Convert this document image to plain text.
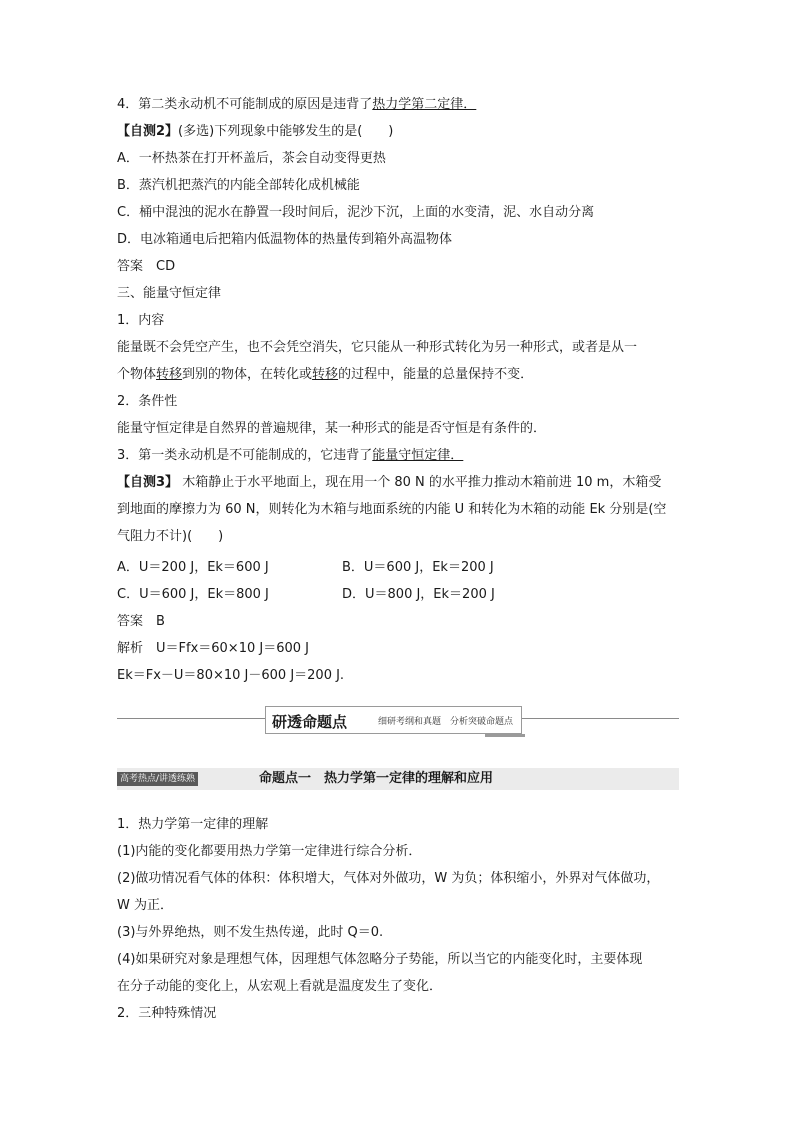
4．第二类永动机不可能制成的原因是违背了热力学第二定律．
【自测2】(多选)下列现象中能够发生的是(　　)
A．一杯热茶在打开杯盖后，茶会自动变得更热
B．蒸汽机把蒸汽的内能全部转化成机械能
C．桶中混浊的泥水在静置一段时间后，泥沙下沉，上面的水变清，泥、水自动分离
D．电冰箱通电后把箱内低温物体的热量传到箱外高温物体
答案　CD
三、能量守恒定律
1．内容
能量既不会凭空产生，也不会凭空消失，它只能从一种形式转化为另一种形式，或者是从一
个物体转移到别的物体，在转化或转移的过程中，能量的总量保持不变．
2．条件性
能量守恒定律是自然界的普遍规律，某一种形式的能是否守恒是有条件的．
3．第一类永动机是不可能制成的，它违背了能量守恒定律．
【自测3】 木箱静止于水平地面上，现在用一个 80 N 的水平推力推动木箱前进 10 m，木箱受
到地面的摩擦力为 60 N，则转化为木箱与地面系统的内能 U 和转化为木箱的动能 Ek 分别是(空
气阻力不计)(　　)
A．U＝200 J，Ek＝600 J	B．U＝600 J，Ek＝200 J
C．U＝600 J，Ek＝800 J	D．U＝800 J，Ek＝200 J
答案　B
解析　U＝Ffx＝60×10 J＝600 J
Ek＝Fx－U＝80×10 J－600 J＝200 J.
研透命题点	细研考纲和真题　分析突破命题点
高考热点/讲透练熟	命题点一　热力学第一定律的理解和应用
1．热力学第一定律的理解
(1)内能的变化都要用热力学第一定律进行综合分析．
(2)做功情况看气体的体积：体积增大，气体对外做功，W 为负；体积缩小，外界对气体做功，
W 为正．
(3)与外界绝热，则不发生热传递，此时 Q＝0.
(4)如果研究对象是理想气体，因理想气体忽略分子势能，所以当它的内能变化时，主要体现
在分子动能的变化上，从宏观上看就是温度发生了变化．
2．三种特殊情况
